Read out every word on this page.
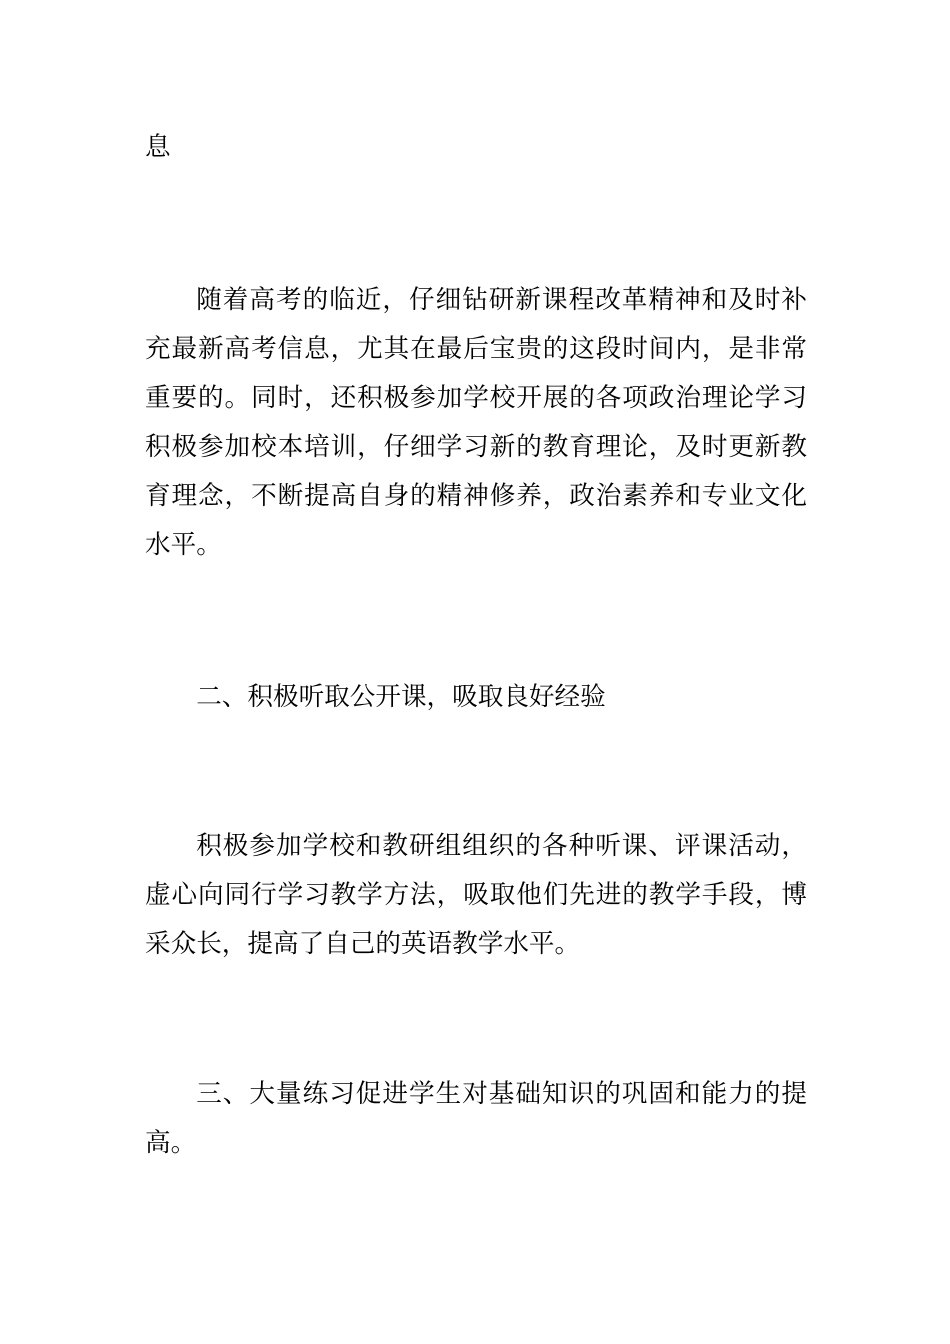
息

随着高考的临近，仔细钻研新课程改革精神和及时补充最新高考信息，尤其在最后宝贵的这段时间内，是非常重要的。同时，还积极参加学校开展的各项政治理论学习积极参加校本培训，仔细学习新的教育理论，及时更新教育理念，不断提高自身的精神修养，政治素养和专业文化水平。

二、积极听取公开课，吸取良好经验

积极参加学校和教研组组织的各种听课、评课活动，虚心向同行学习教学方法，吸取他们先进的教学手段，博采众长，提高了自己的英语教学水平。

三、大量练习促进学生对基础知识的巩固和能力的提高。
